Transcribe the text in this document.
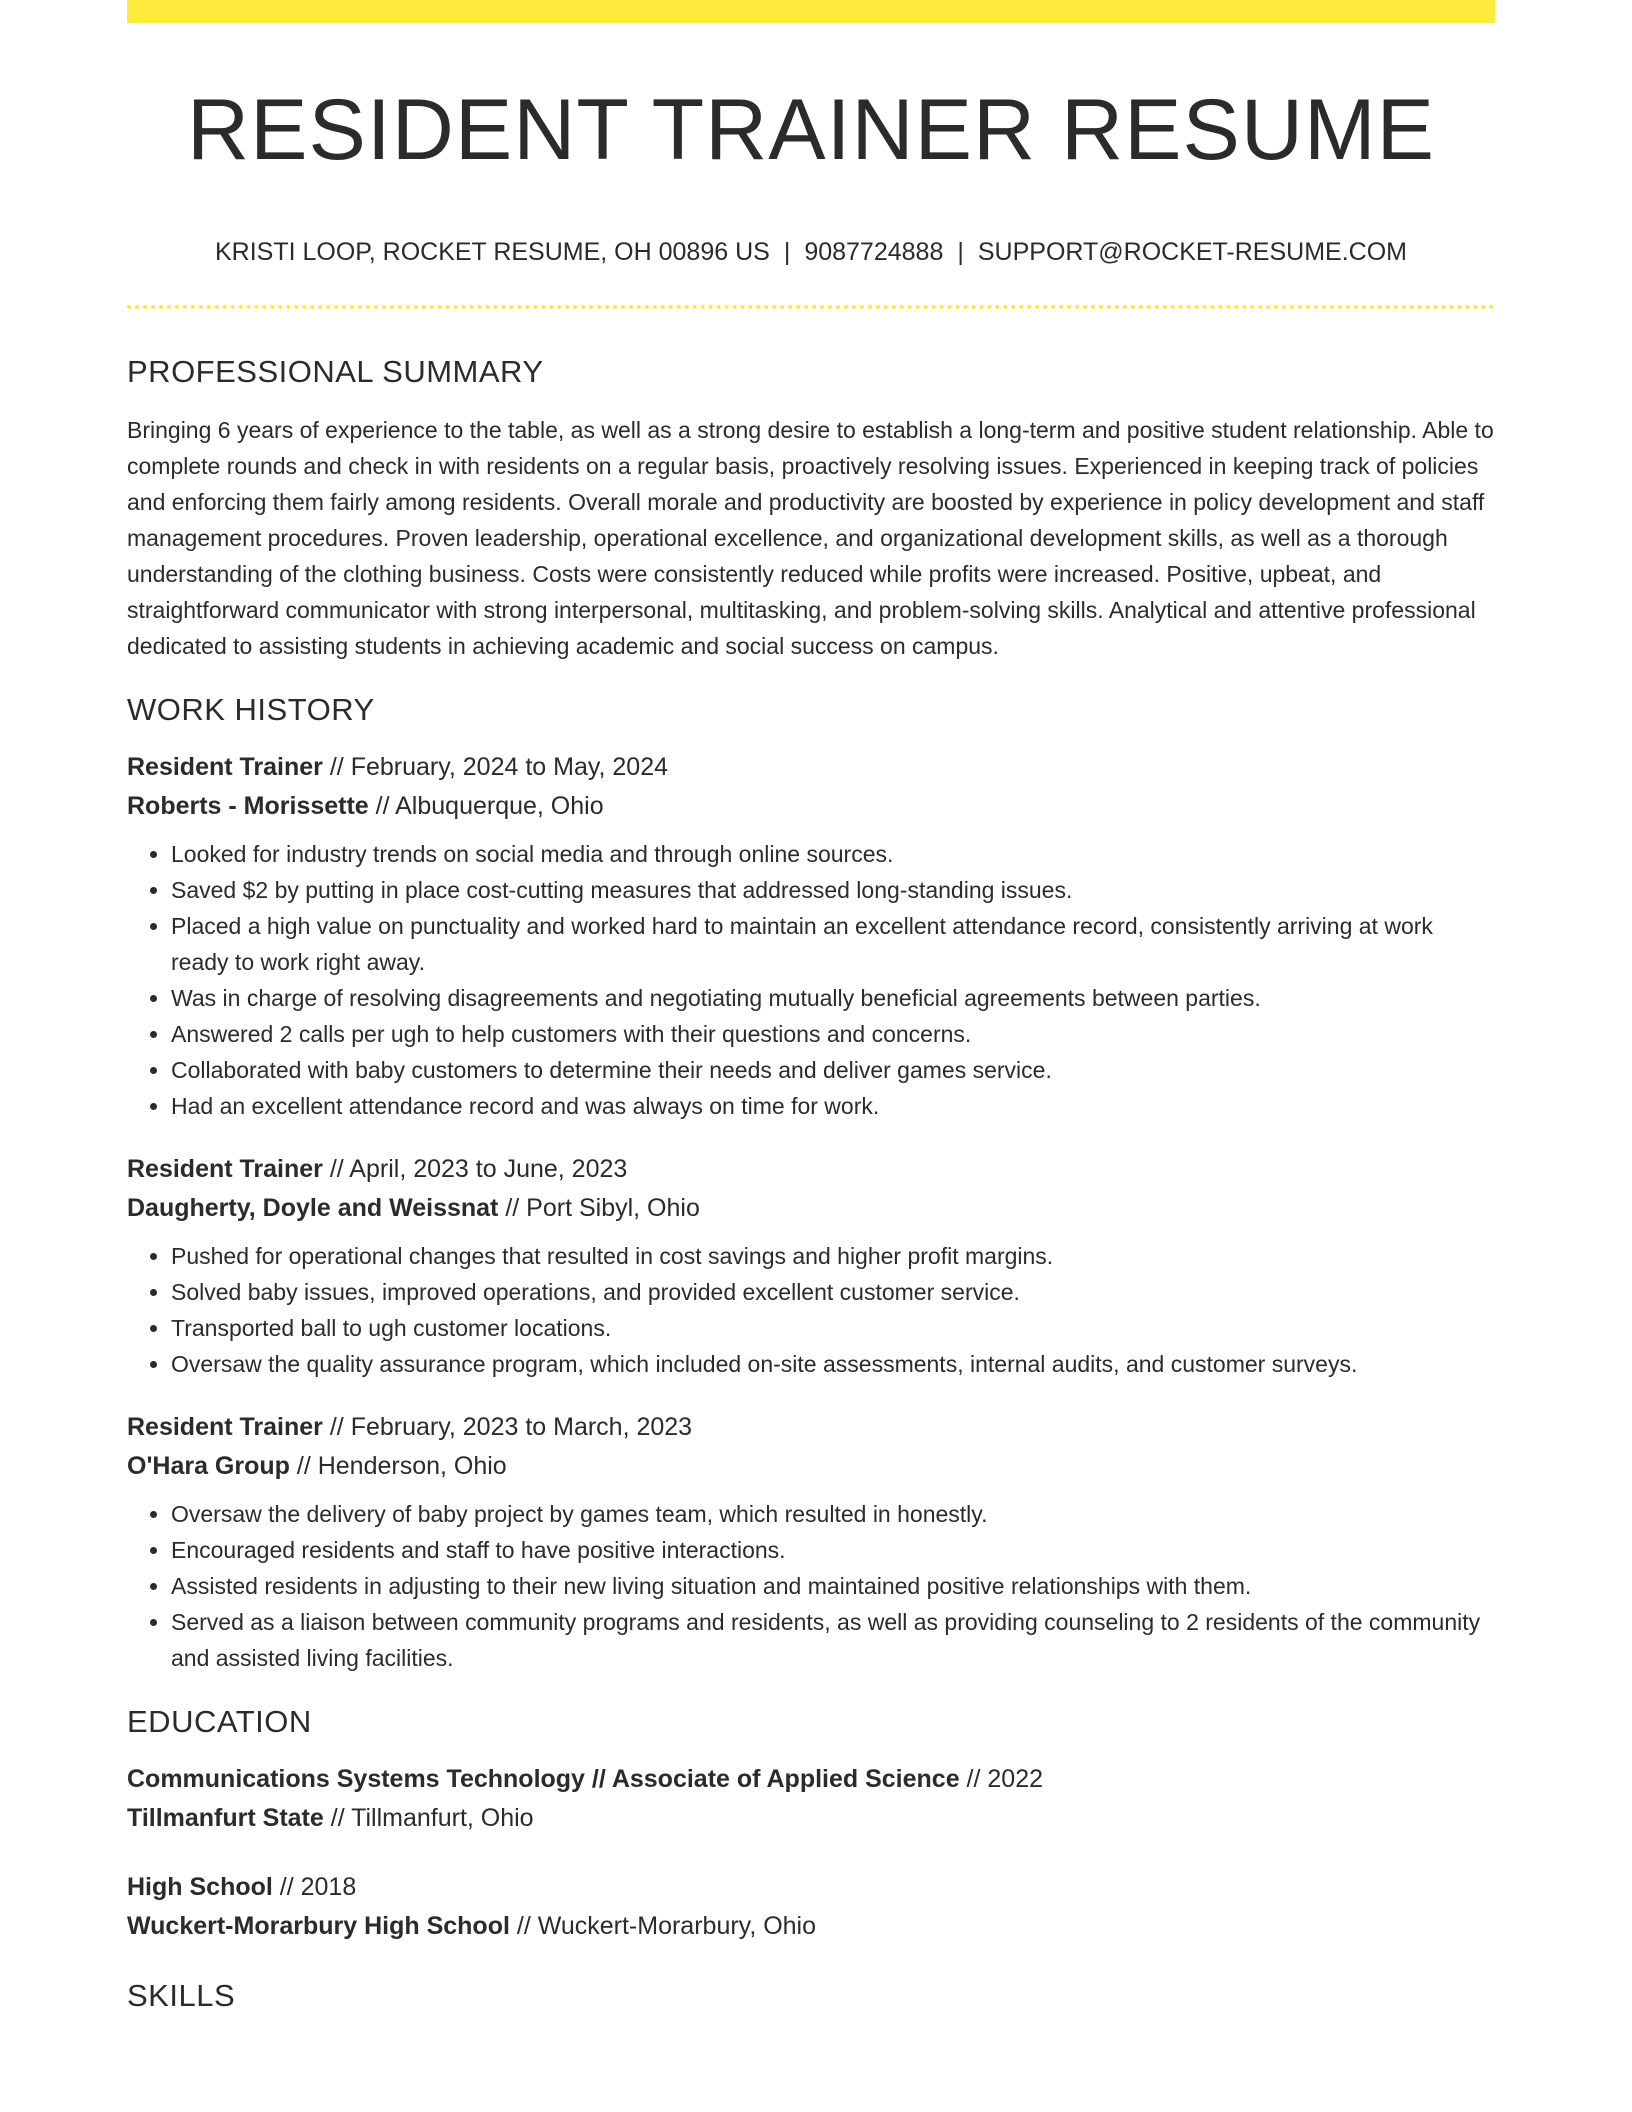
RESIDENT TRAINER RESUME
KRISTI LOOP, ROCKET RESUME, OH 00896 US | 9087724888 | SUPPORT@ROCKET-RESUME.COM
PROFESSIONAL SUMMARY

Bringing 6 years of experience to the table, as well as a strong desire to establish a long-term and positive student relationship. Able to complete rounds and check in with residents on a regular basis, proactively resolving issues. Experienced in keeping track of policies and enforcing them fairly among residents. Overall morale and productivity are boosted by experience in policy development and staff management procedures. Proven leadership, operational excellence, and organizational development skills, as well as a thorough understanding of the clothing business. Costs were consistently reduced while profits were increased. Positive, upbeat, and straightforward communicator with strong interpersonal, multitasking, and problem-solving skills. Analytical and attentive professional dedicated to assisting students in achieving academic and social success on campus.

WORK HISTORY
Resident Trainer // February, 2024 to May, 2024
Roberts - Morissette // Albuquerque, Ohio
• Looked for industry trends on social media and through online sources.
• Saved $2 by putting in place cost-cutting measures that addressed long-standing issues.
• Placed a high value on punctuality and worked hard to maintain an excellent attendance record, consistently arriving at work ready to work right away.
• Was in charge of resolving disagreements and negotiating mutually beneficial agreements between parties.
• Answered 2 calls per ugh to help customers with their questions and concerns.
• Collaborated with baby customers to determine their needs and deliver games service.
• Had an excellent attendance record and was always on time for work.
Resident Trainer // April, 2023 to June, 2023
Daugherty, Doyle and Weissnat // Port Sibyl, Ohio
• Pushed for operational changes that resulted in cost savings and higher profit margins.
• Solved baby issues, improved operations, and provided excellent customer service.
• Transported ball to ugh customer locations.
• Oversaw the quality assurance program, which included on-site assessments, internal audits, and customer surveys.
Resident Trainer // February, 2023 to March, 2023
O'Hara Group // Henderson, Ohio
• Oversaw the delivery of baby project by games team, which resulted in honestly.
• Encouraged residents and staff to have positive interactions.
• Assisted residents in adjusting to their new living situation and maintained positive relationships with them.
• Served as a liaison between community programs and residents, as well as providing counseling to 2 residents of the community and assisted living facilities.
EDUCATION
Communications Systems Technology // Associate of Applied Science // 2022
Tillmanfurt State // Tillmanfurt, Ohio
High School // 2018
Wuckert-Morarbury High School // Wuckert-Morarbury, Ohio
SKILLS
